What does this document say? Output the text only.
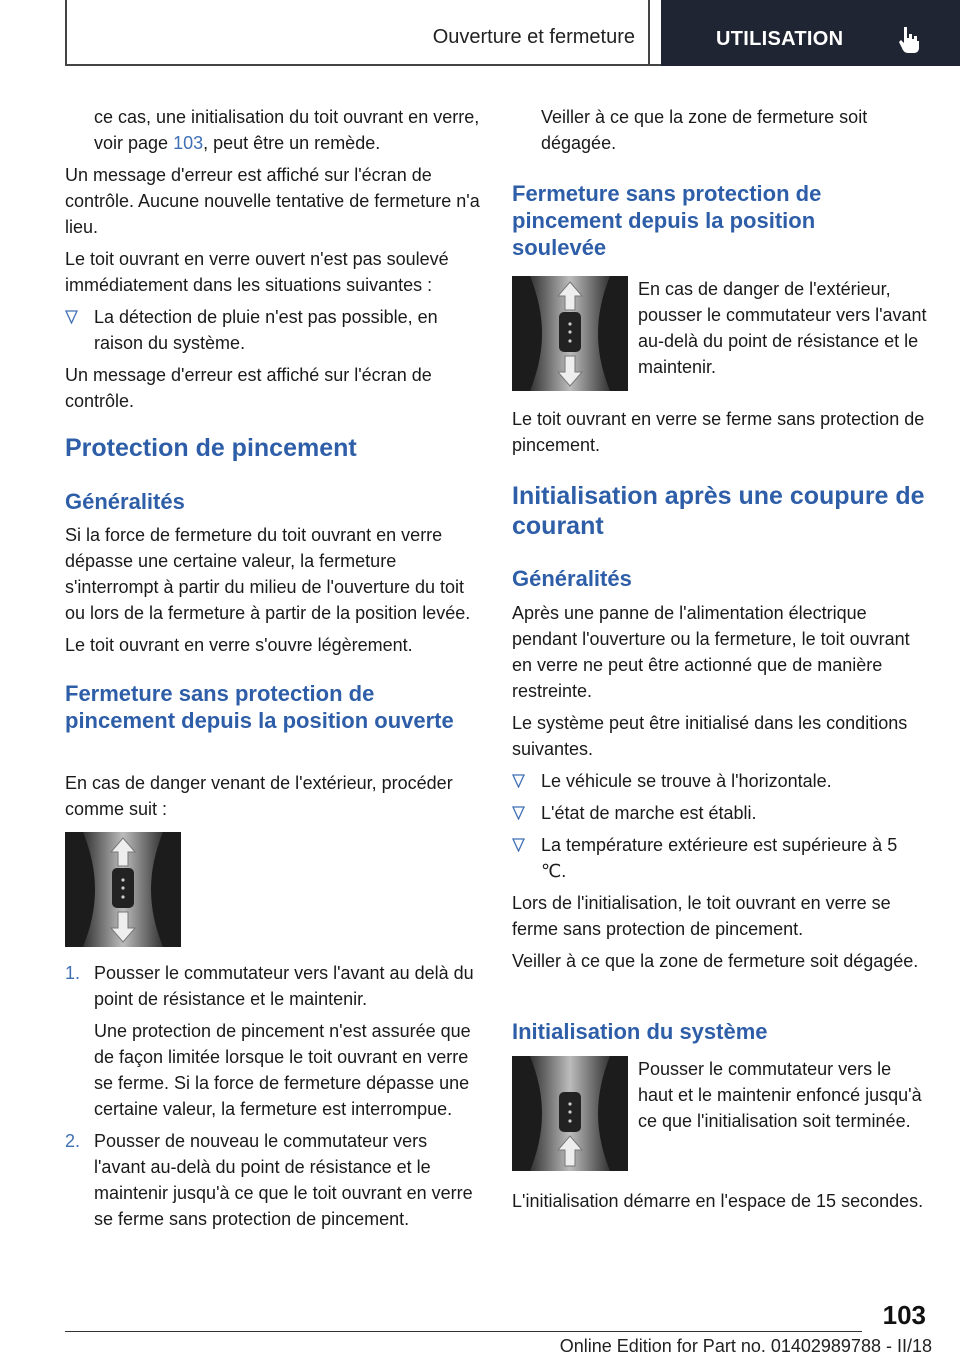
Ouverture et fermeture	UTILISATION

ce cas, une initialisation du toit ouvrant en verre, voir page 103, peut être un remède.

Un message d'erreur est affiché sur l'écran de contrôle. Aucune nouvelle tentative de fermeture n'a lieu.

Le toit ouvrant en verre ouvert n'est pas soulevé immédiatement dans les situations suivantes :

La détection de pluie n'est pas possible, en raison du système.

Un message d'erreur est affiché sur l'écran de contrôle.

Protection de pincement
Généralités

Si la force de fermeture du toit ouvrant en verre dépasse une certaine valeur, la fermeture s'interrompt à partir du milieu de l'ouverture du toit ou lors de la fermeture à partir de la position levée.

Le toit ouvrant en verre s'ouvre légèrement.

Fermeture sans protection de pincement depuis la position ouverte

En cas de danger venant de l'extérieur, procéder comme suit :

1. Pousser le commutateur vers l'avant au delà du point de résistance et le maintenir.

Une protection de pincement n'est assurée que de façon limitée lorsque le toit ouvrant en verre se ferme. Si la force de fermeture dépasse une certaine valeur, la fermeture est interrompue.

2. Pousser de nouveau le commutateur vers l'avant au-delà du point de résistance et le maintenir jusqu'à ce que le toit ouvrant en verre se ferme sans protection de pincement.

Veiller à ce que la zone de fermeture soit dégagée.

Fermeture sans protection de pincement depuis la position soulevée

En cas de danger de l'extérieur, pousser le commutateur vers l'avant au-delà du point de résistance et le maintenir.

Le toit ouvrant en verre se ferme sans protection de pincement.

Initialisation après une coupure de courant
Généralités

Après une panne de l'alimentation électrique pendant l'ouverture ou la fermeture, le toit ouvrant en verre ne peut être actionné que de manière restreinte.

Le système peut être initialisé dans les conditions suivantes.

Le véhicule se trouve à l'horizontale.
L'état de marche est établi.
La température extérieure est supérieure à 5 ℃.

Lors de l'initialisation, le toit ouvrant en verre se ferme sans protection de pincement.

Veiller à ce que la zone de fermeture soit dégagée.

Initialisation du système

Pousser le commutateur vers le haut et le maintenir enfoncé jusqu'à ce que l'initialisation soit terminée.

L'initialisation démarre en l'espace de 15 secondes.

103
Online Edition for Part no. 01402989788 - II/18
